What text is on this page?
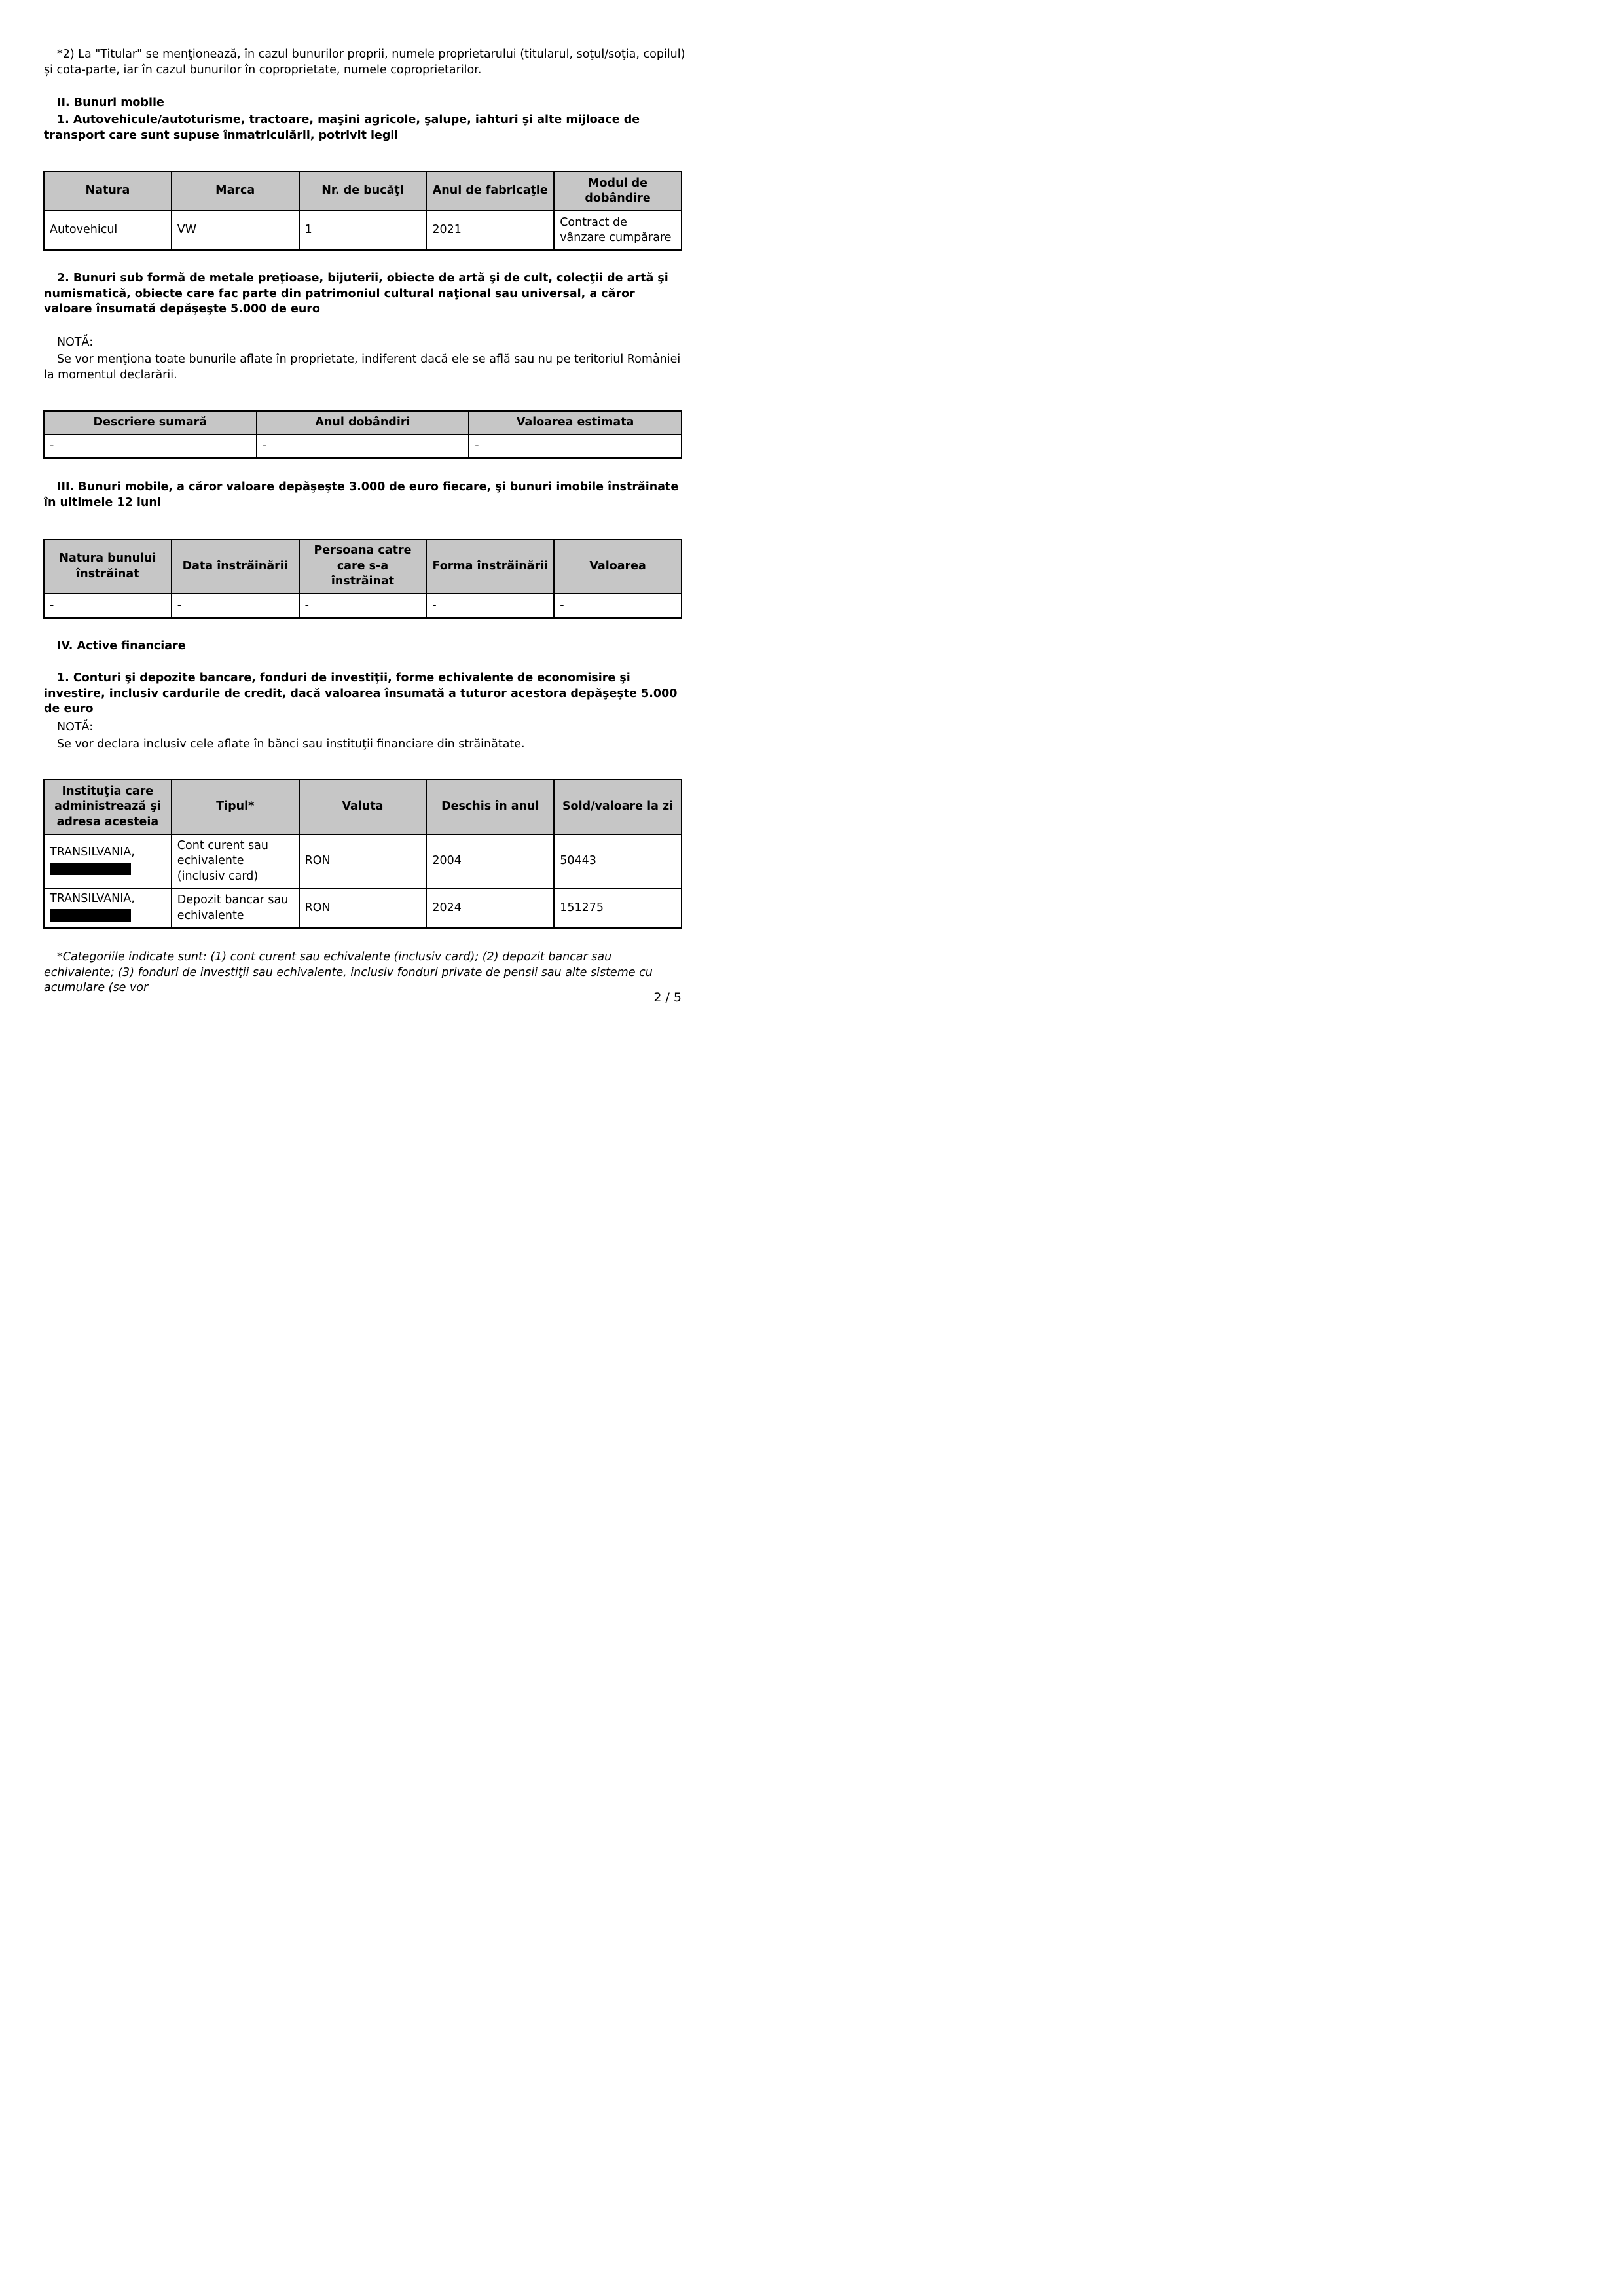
*2) La "Titular" se menţionează, în cazul bunurilor proprii, numele proprietarului (titularul, soţul/soţia, copilul) și cota-parte, iar în cazul bunurilor în coproprietate, numele coproprietarilor.

II. Bunuri mobile

1. Autovehicule/autoturisme, tractoare, maşini agricole, şalupe, iahturi şi alte mijloace de transport care sunt supuse înmatriculării, potrivit legii

Natura	Marca	Nr. de bucăţi	Anul de fabricaţie	Modul de dobândire
Autovehicul	VW	1	2021	Contract de vânzare cumpărare

2. Bunuri sub formă de metale preţioase, bijuterii, obiecte de artă şi de cult, colecţii de artă şi numismatică, obiecte care fac parte din patrimoniul cultural naţional sau universal, a căror valoare însumată depăşeşte 5.000 de euro

NOTĂ:

Se vor menţiona toate bunurile aflate în proprietate, indiferent dacă ele se află sau nu pe teritoriul României la momentul declarării.

Descriere sumară	Anul dobândiri	Valoarea estimata
-	-	-

III. Bunuri mobile, a căror valoare depăşeşte 3.000 de euro fiecare, şi bunuri imobile înstrăinate în ultimele 12 luni

Natura bunului înstrăinat	Data înstrăinării	Persoana catre care s-a înstrăinat	Forma înstrăinării	Valoarea
-	-	-	-	-

IV. Active financiare

1. Conturi şi depozite bancare, fonduri de investiţii, forme echivalente de economisire şi investire, inclusiv cardurile de credit, dacă valoarea însumată a tuturor acestora depăşeşte 5.000 de euro

NOTĂ:

Se vor declara inclusiv cele aflate în bănci sau instituţii financiare din străinătate.

Instituţia care administrează şi adresa acesteia	Tipul*	Valuta	Deschis în anul	Sold/valoare la zi

TRANSILVANIA,	Cont curent sau echivalente (inclusiv card)	RON	2004	50443

TRANSILVANIA,	Depozit bancar sau echivalente	RON	2024	151275

*Categoriile indicate sunt: (1) cont curent sau echivalente (inclusiv card); (2) depozit bancar sau echivalente; (3) fonduri de investiţii sau echivalente, inclusiv fonduri private de pensii sau alte sisteme cu acumulare (se vor

2 / 5
